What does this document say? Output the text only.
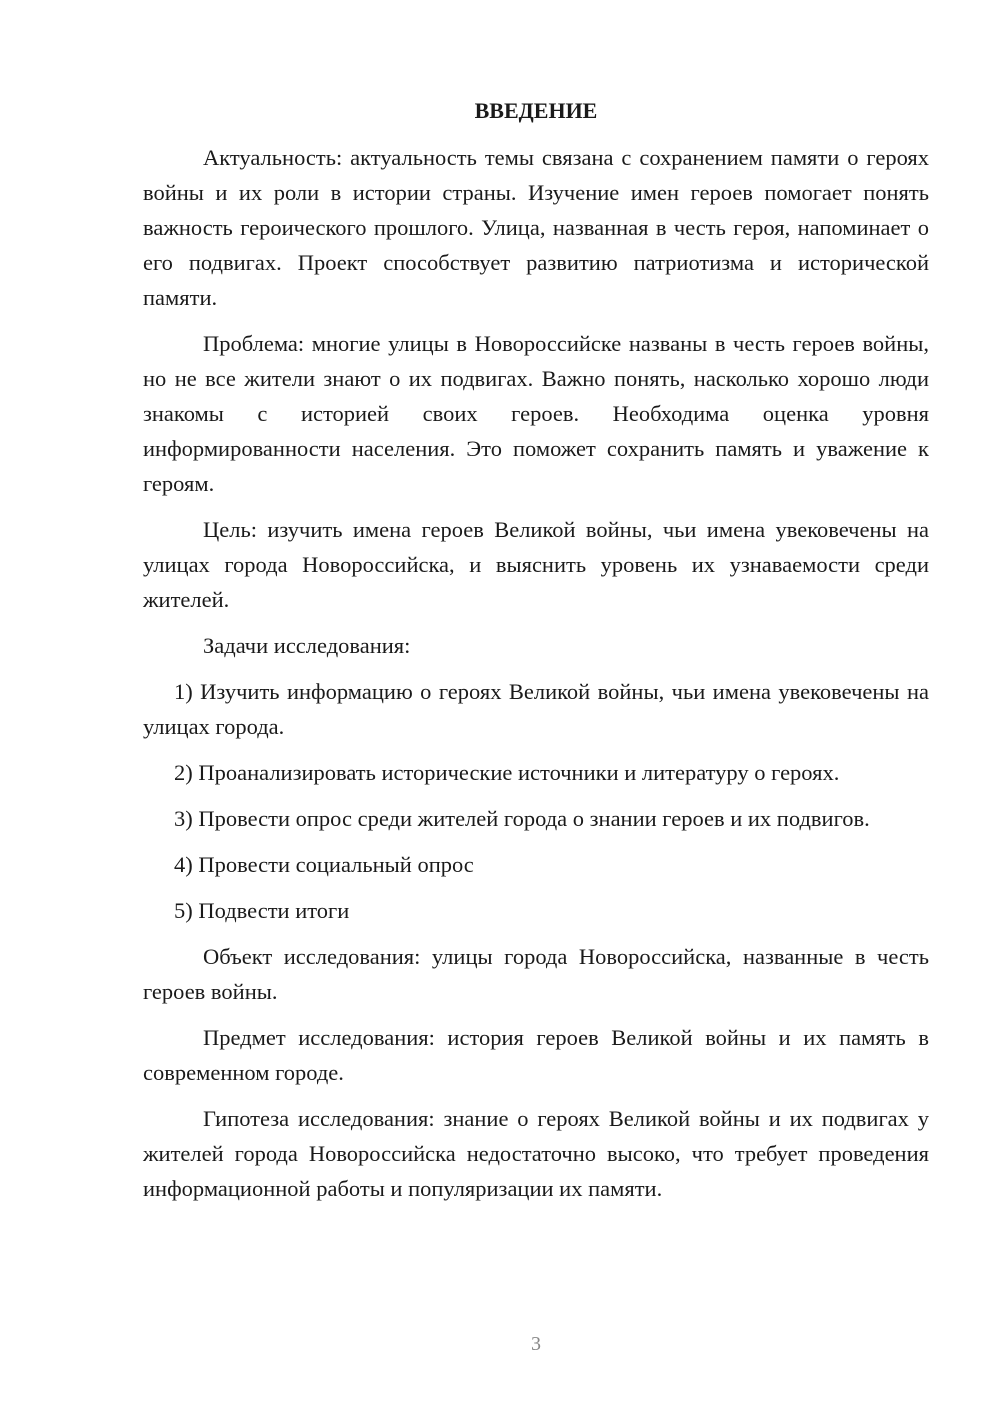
ВВЕДЕНИЕ

Актуальность: актуальность темы связана с сохранением памяти о героях войны и их роли в истории страны. Изучение имен героев помогает понять важность героического прошлого. Улица, названная в честь героя, напоминает о его подвигах. Проект способствует развитию патриотизма и исторической памяти.

Проблема: многие улицы в Новороссийске названы в честь героев войны, но не все жители знают о их подвигах. Важно понять, насколько хорошо люди знакомы с историей своих героев. Необходима оценка уровня информированности населения. Это поможет сохранить память и уважение к героям.

Цель: изучить имена героев Великой войны, чьи имена увековечены на улицах города Новороссийска, и выяснить уровень их узнаваемости среди жителей.

Задачи исследования:

1) Изучить информацию о героях Великой войны, чьи имена увековечены на улицах города.

2) Проанализировать исторические источники и литературу о героях.

3) Провести опрос среди жителей города о знании героев и их подвигов.

4) Провести социальный опрос

5) Подвести итоги

Объект исследования: улицы города Новороссийска, названные в честь героев войны.

Предмет исследования: история героев Великой войны и их память в современном городе.

Гипотеза исследования: знание о героях Великой войны и их подвигах у жителей города Новороссийска недостаточно высоко, что требует проведения информационной работы и популяризации их памяти.

3
